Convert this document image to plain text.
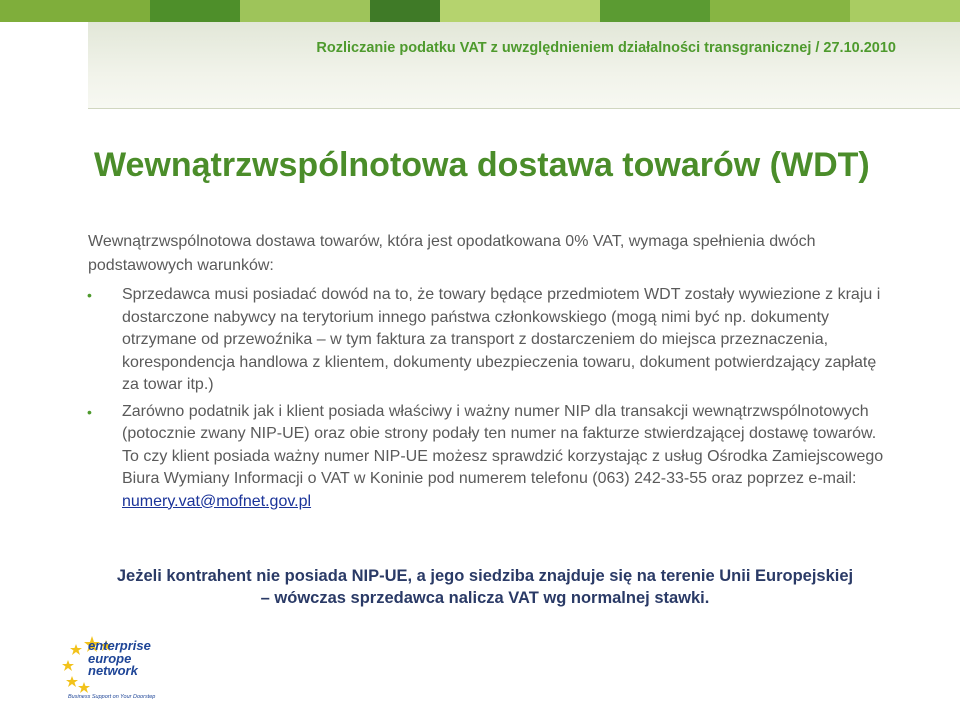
Rozliczanie podatku VAT z uwzględnieniem działalności transgranicznej / 27.10.2010
Wewnątrzwspólnotowa dostawa towarów (WDT)
Wewnątrzwspólnotowa dostawa towarów, która jest opodatkowana 0% VAT, wymaga spełnienia dwóch podstawowych warunków:
• Sprzedawca musi posiadać dowód na to, że towary będące przedmiotem WDT zostały wywiezione z kraju i dostarczone nabywcy na terytorium innego państwa członkowskiego (mogą nimi być np. dokumenty otrzymane od przewoźnika – w tym faktura za transport z dostarczeniem do miejsca przeznaczenia, korespondencja handlowa z klientem, dokumenty ubezpieczenia towaru, dokument potwierdzający zapłatę za towar itp.)
• Zarówno podatnik jak i klient posiada właściwy i ważny numer NIP dla transakcji wewnątrzwspólnotowych (potocznie zwany NIP-UE) oraz obie strony podały ten numer na fakturze stwierdzającej dostawę towarów. To czy klient posiada ważny numer NIP-UE możesz sprawdzić korzystając z usług Ośrodka Zamiejscowego Biura Wymiany Informacji o VAT w Koninie pod numerem telefonu (063) 242-33-55 oraz poprzez e-mail: numery.vat@mofnet.gov.pl
Jeżeli kontrahent nie posiada NIP-UE, a jego siedziba znajduje się na terenie Unii Europejskiej – wówczas sprzedawca nalicza VAT wg normalnej stawki.
enterprise
europe
network
Business Support on Your Doorstep
